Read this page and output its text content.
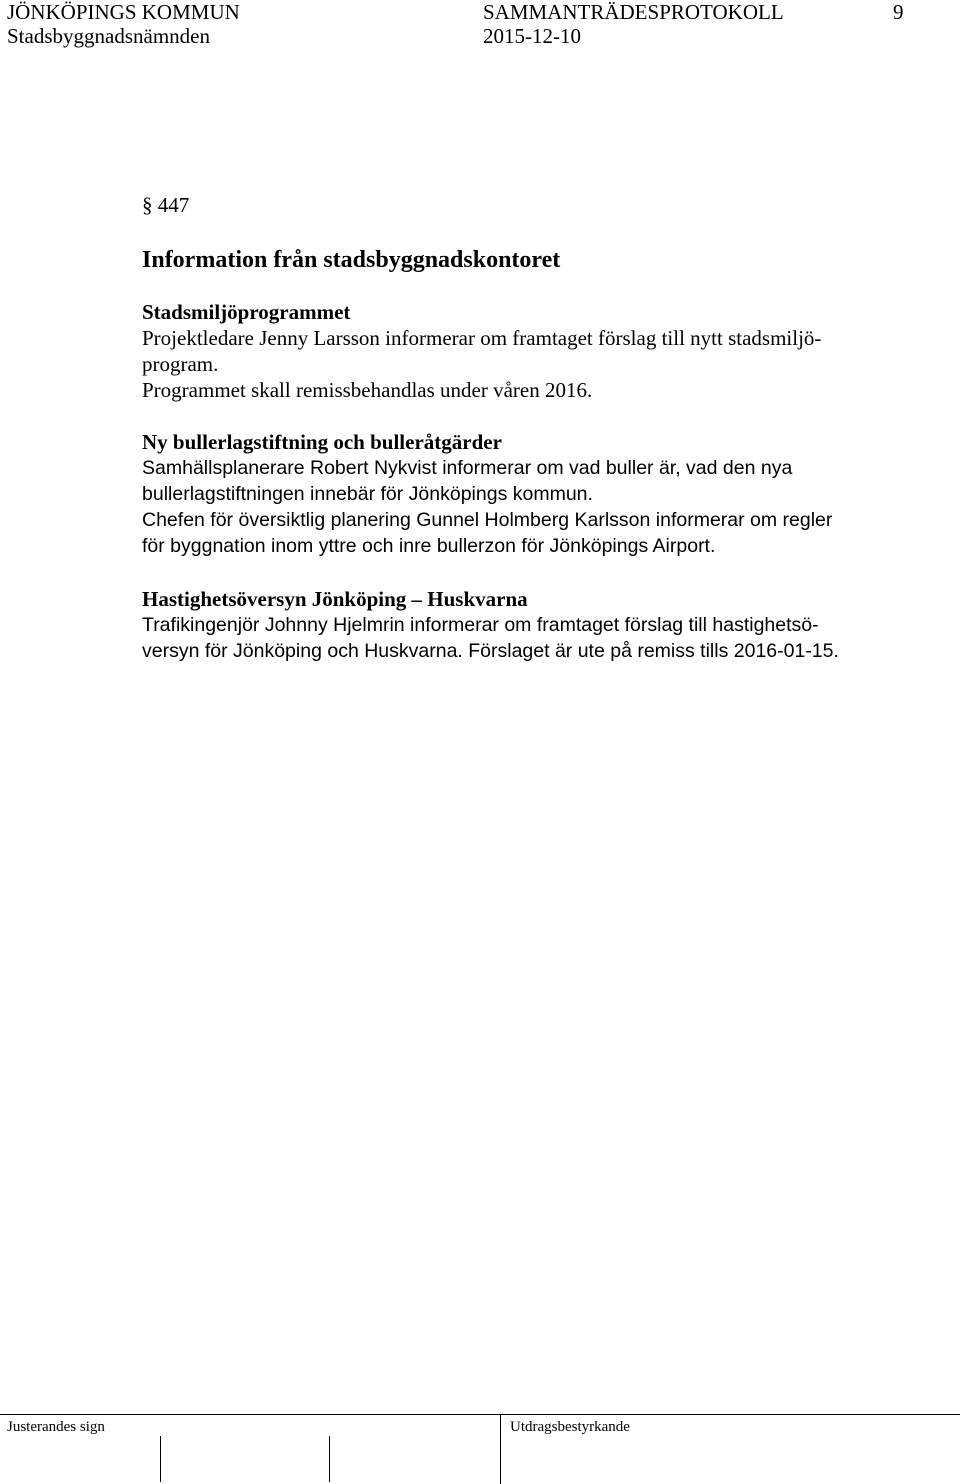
JÖNKÖPINGS KOMMUN
Stadsbyggnadsnämnden
SAMMANTRÄDESPROTOKOLL
2015-12-10
9
§ 447
Information från stadsbyggnadskontoret
Stadsmiljöprogrammet
Projektledare Jenny Larsson informerar om framtaget förslag till nytt stadsmiljö-
program.
Programmet skall remissbehandlas under våren 2016.
Ny bullerlagstiftning och bulleråtgärder
Samhällsplanerare Robert Nykvist informerar om vad buller är, vad den nya
bullerlagstiftningen innebär för Jönköpings kommun.
Chefen för översiktlig planering Gunnel Holmberg Karlsson informerar om regler
för byggnation inom yttre och inre bullerzon för Jönköpings Airport.
Hastighetsöversyn Jönköping – Huskvarna
Trafikingenjör Johnny Hjelmrin informerar om framtaget förslag till hastighetsö-
versyn för Jönköping och Huskvarna. Förslaget är ute på remiss tills 2016-01-15.
Justerandes sign	Utdragsbestyrkande
